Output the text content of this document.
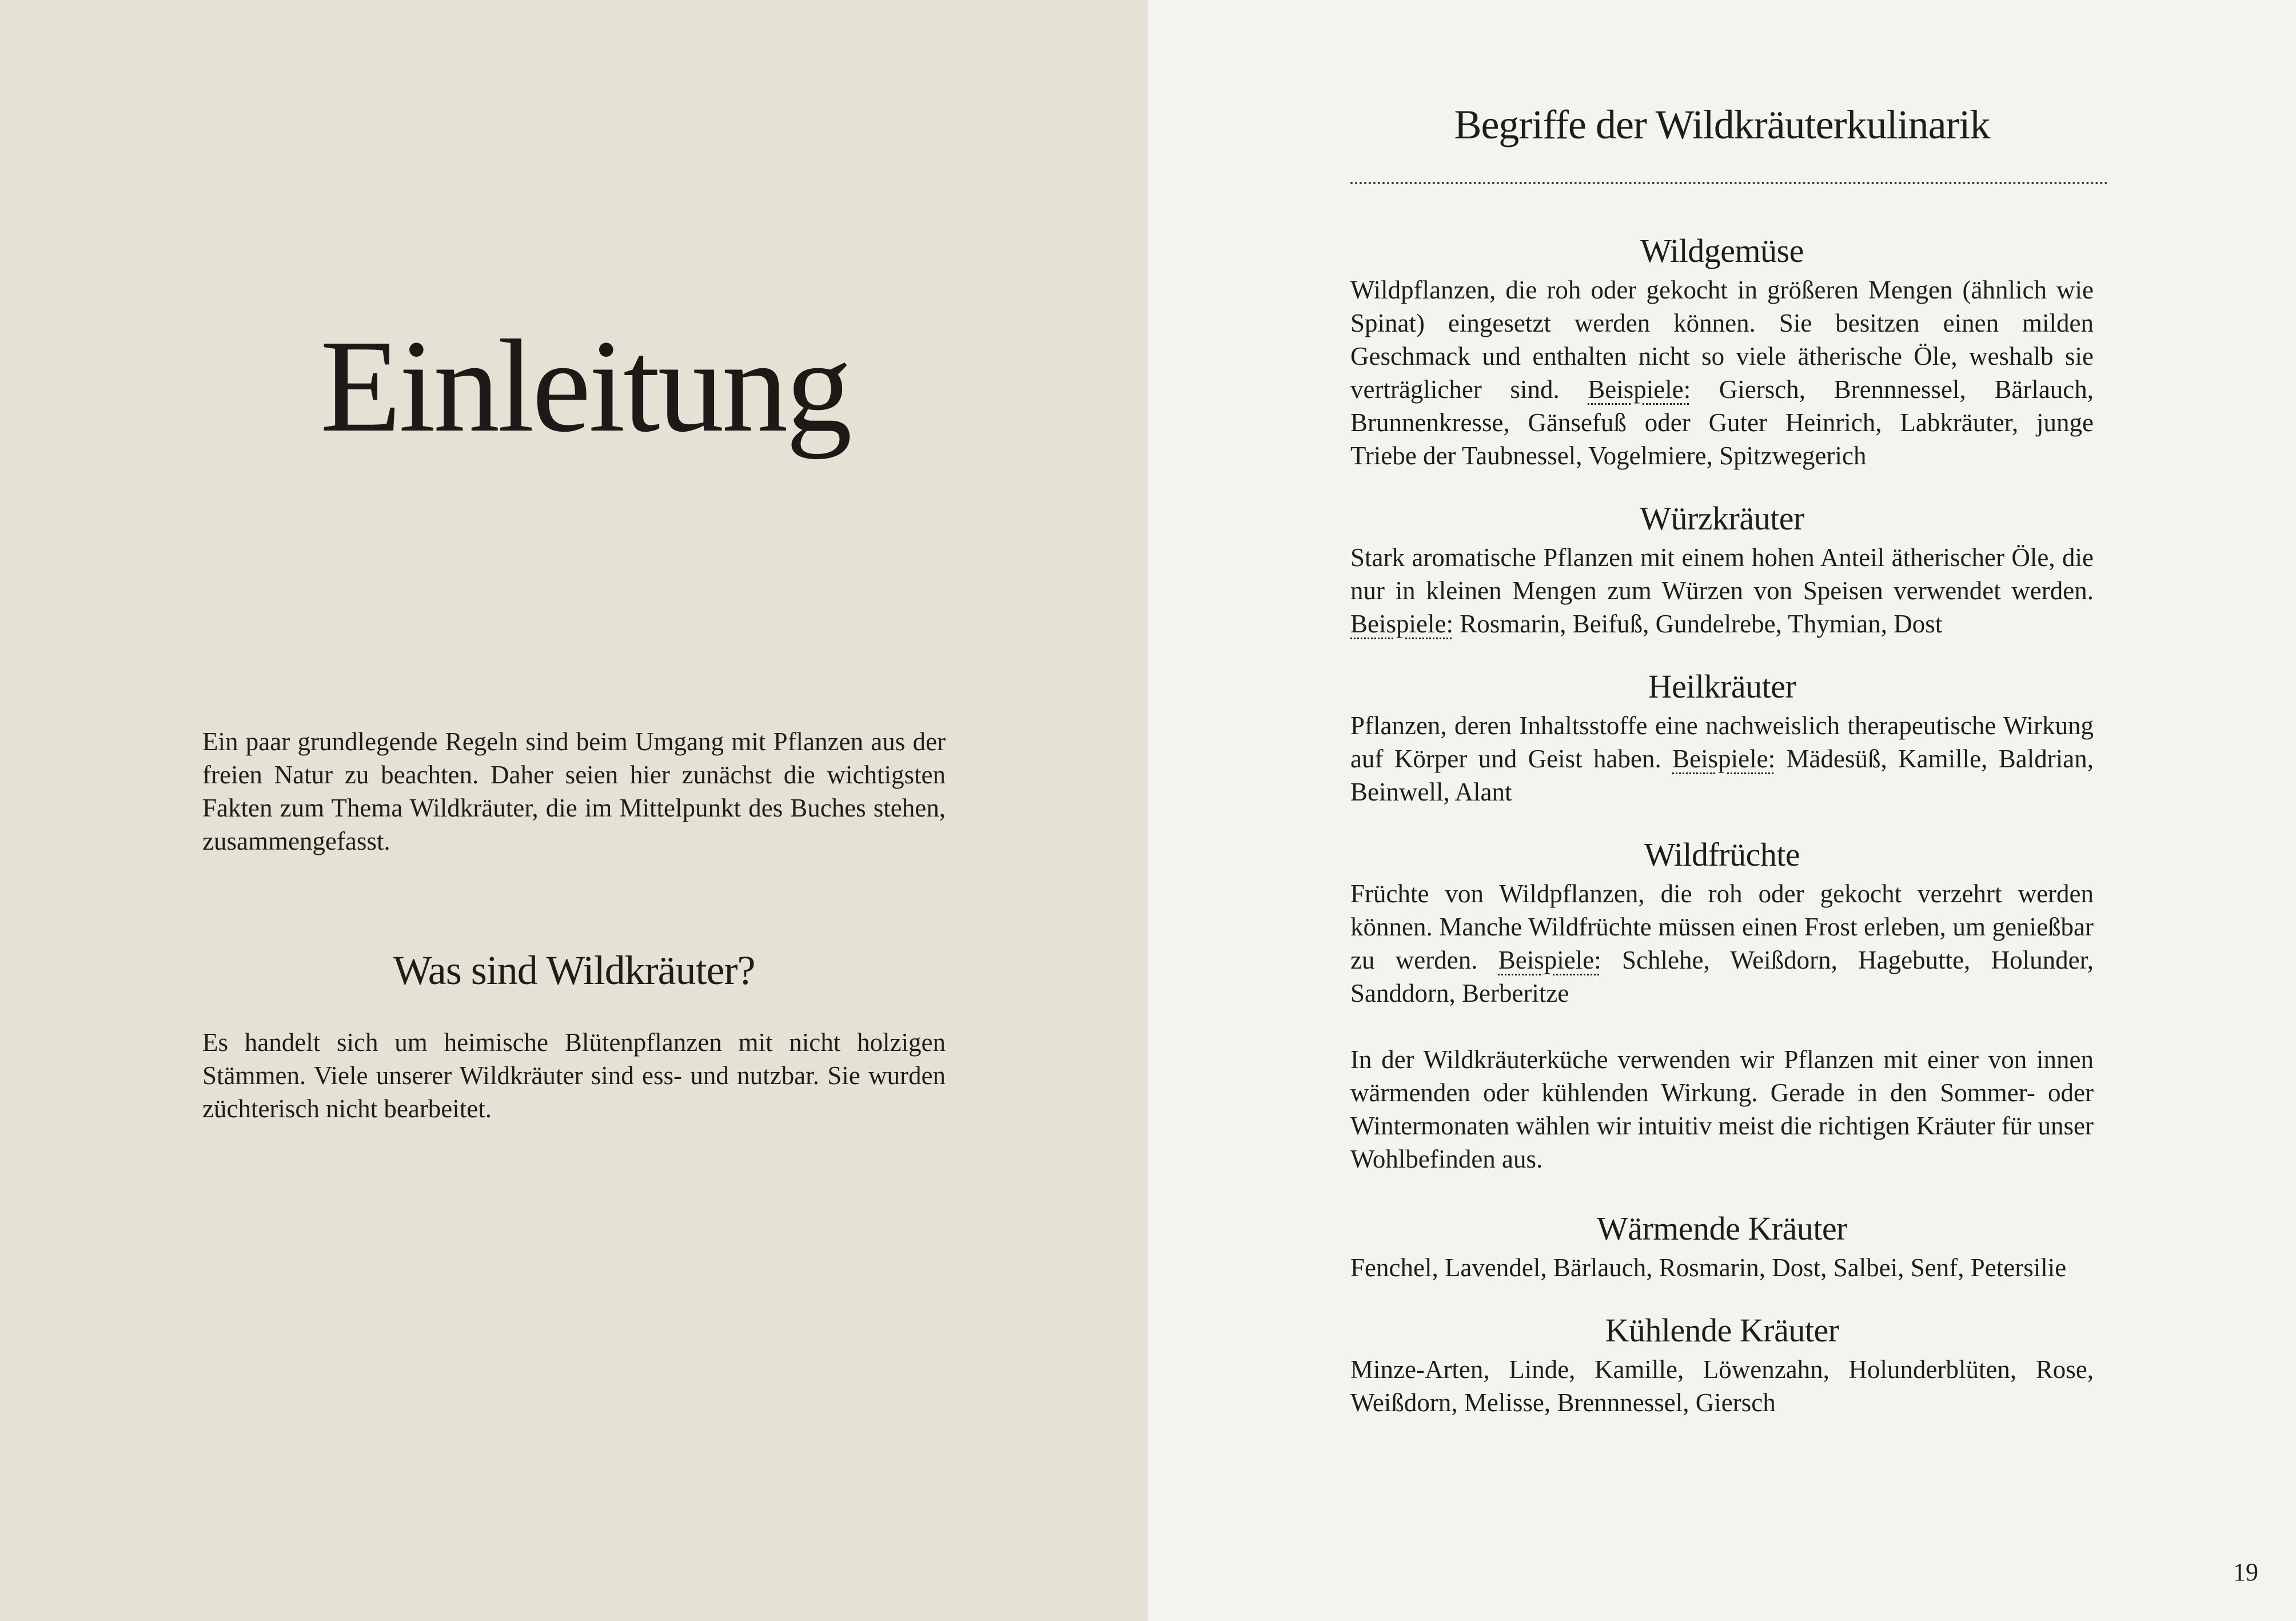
Einleitung

Ein paar grundlegende Regeln sind beim Umgang mit Pflanzen aus der freien Natur zu beachten. Daher seien hier zunächst die wichtigsten Fakten zum Thema Wildkräuter, die im Mittelpunkt des Buches stehen, zusammengefasst.

Was sind Wildkräuter?

Es handelt sich um heimische Blütenpflanzen mit nicht holzigen Stämmen. Viele unserer Wildkräuter sind ess- und nutzbar. Sie wurden züchterisch nicht bearbeitet.

Begriffe der Wildkräuterkulinarik
Wildgemüse
Wildpflanzen, die roh oder gekocht in größeren Mengen (ähnlich wie Spinat) eingesetzt werden können. Sie besitzen einen milden Geschmack und enthalten nicht so viele ätherische Öle, weshalb sie verträglicher sind. Beispiele: Giersch, Brennnessel, Bärlauch, Brunnenkresse, Gänsefuß oder Guter Heinrich, Labkräuter, junge Triebe der Taubnessel, Vogelmiere, Spitzwegerich
Würzkräuter
Stark aromatische Pflanzen mit einem hohen Anteil ätherischer Öle, die nur in kleinen Mengen zum Würzen von Speisen verwendet werden. Beispiele: Rosmarin, Beifuß, Gundelrebe, Thymian, Dost
Heilkräuter
Pflanzen, deren Inhaltsstoffe eine nachweislich therapeutische Wirkung auf Körper und Geist haben. Beispiele: Mädesüß, Kamille, Baldrian, Beinwell, Alant
Wildfrüchte
Früchte von Wildpflanzen, die roh oder gekocht verzehrt werden können. Manche Wildfrüchte müssen einen Frost erleben, um genießbar zu werden. Beispiele: Schlehe, Weißdorn, Hagebutte, Holunder, Sanddorn, Berberitze

In der Wildkräuterküche verwenden wir Pflanzen mit einer von innen wärmenden oder kühlenden Wirkung. Gerade in den Sommer- oder Wintermonaten wählen wir intuitiv meist die richtigen Kräuter für unser Wohlbefinden aus.

Wärmende Kräuter

Fenchel, Lavendel, Bärlauch, Rosmarin, Dost, Salbei, Senf, Petersilie

Kühlende Kräuter

Minze-Arten, Linde, Kamille, Löwenzahn, Holunderblüten, Rose, Weißdorn, Melisse, Brennnessel, Giersch

19
